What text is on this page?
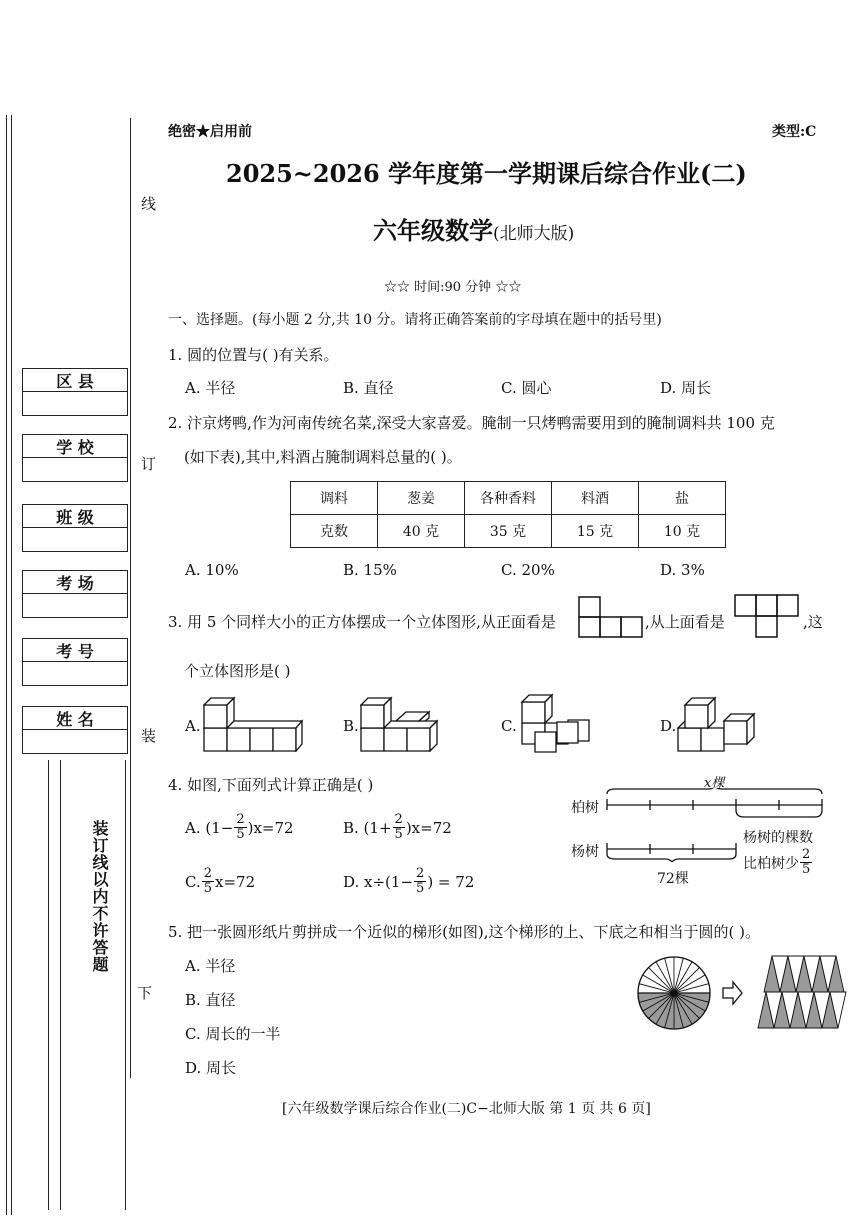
区 县
学 校
班 级
考 场
考 号
姓 名
线
订
装
下
装订线以内不许答题
绝密★启用前	类型:C
2025~2026 学年度第一学期课后综合作业(二)
六年级数学(北师大版)
☆☆ 时间:90 分钟 ☆☆
一、选择题。(每小题 2 分,共 10 分。请将正确答案前的字母填在题中的括号里)
1. 圆的位置与( )有关系。
A. 半径	B. 直径	C. 圆心	D. 周长
2. 汴京烤鸭,作为河南传统名菜,深受大家喜爱。腌制一只烤鸭需要用到的腌制调料共 100 克
(如下表),其中,料酒占腌制调料总量的( )。
调料	葱姜	各种香料	料酒	盐
克数	40 克	35 克	15 克	10 克
A. 10%	B. 15%	C. 20%	D. 3%
3. 用 5 个同样大小的正方体摆成一个立体图形,从正面看是	,从上面看是	,这
个立体图形是( )
A.	B.	C.	D.
4. 如图,下面列式计算正确是( )
A. $(1- \frac{2}{5} )x=72$	B. $(1+ \frac{2}{5} )x=72$
C. $\frac{2}{5} x=72$	D. $x\div(1- \frac{2}{5}$ ) = 72
x棵
柏树
杨树
72棵
杨树的棵数
比柏树少 $\frac{2}{5}$
5. 把一张圆形纸片剪拼成一个近似的梯形(如图),这个梯形的上、下底之和相当于圆的( )。
A. 半径
B. 直径
C. 周长的一半
D. 周长
[六年级数学课后综合作业(二)C−北师大版 第 1 页 共 6 页]
